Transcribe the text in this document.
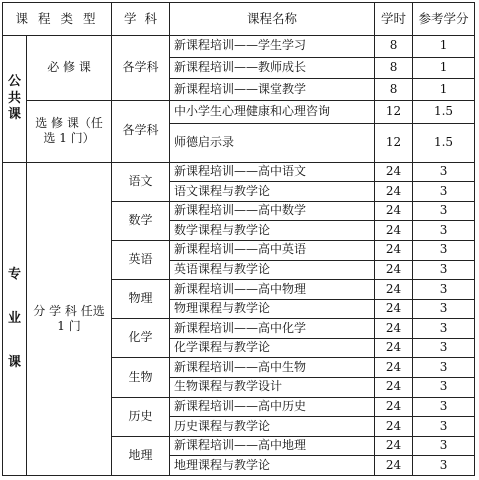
课 程 类 型		学  科	课程名称	学时	参考学分

公共课	必 修 课	各学科	新课程培训——学生学习	8	1
			新课程培训——教师成长	8	1
			新课程培训——课堂教学	8	1
	选 修 课（任选 1 门）	各学科	中小学生心理健康和心理咨询	12	1.5
			师德启示录	12	1.5

专业课	分 学 科 任选 1 门	语文	新课程培训——高中语文	24	3
			语文课程与教学论	24	3
		数学	新课程培训——高中数学	24	3
			数学课程与教学论	24	3
		英语	新课程培训——高中英语	24	3
			英语课程与教学论	24	3
		物理	新课程培训——高中物理	24	3
			物理课程与教学论	24	3
		化学	新课程培训——高中化学	24	3
			化学课程与教学论	24	3
		生物	新课程培训——高中生物	24	3
			生物课程与教学设计	24	3
		历史	新课程培训——高中历史	24	3
			历史课程与教学论	24	3
		地理	新课程培训——高中地理	24	3
			地理课程与教学论	24	3
